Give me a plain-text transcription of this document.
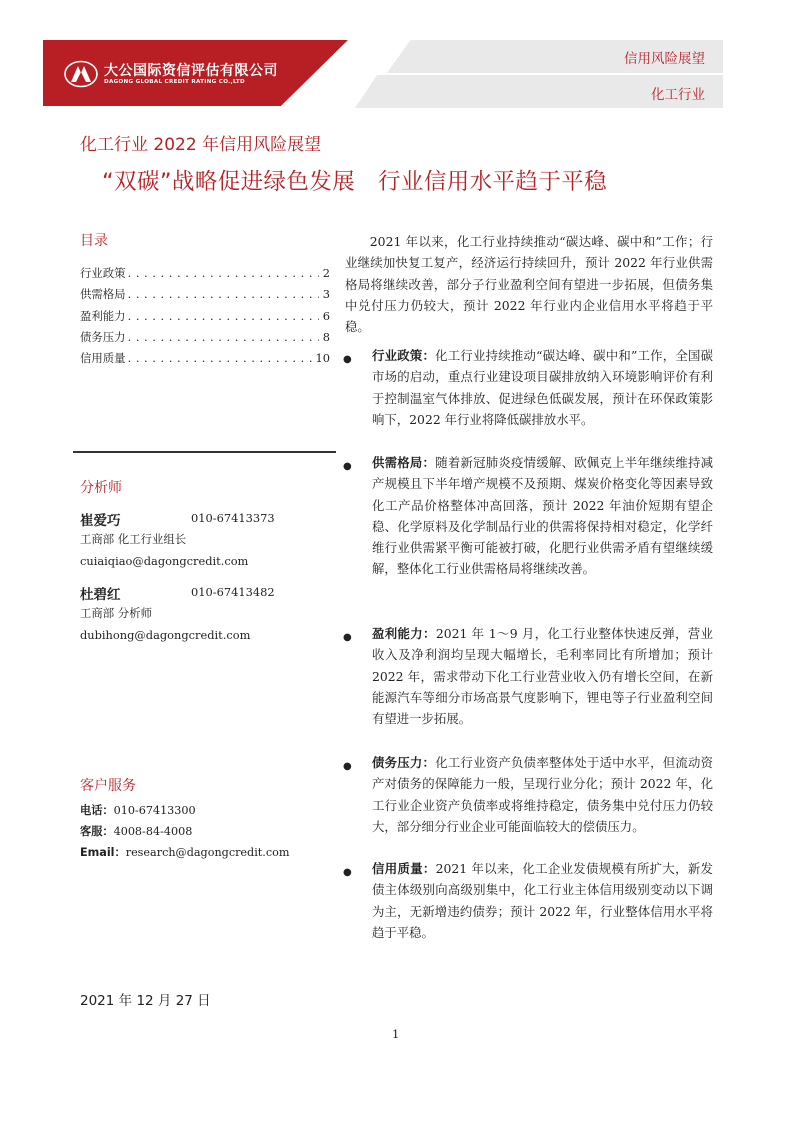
大公国际资信评估有限公司
DAGONG GLOBAL CREDIT RATING CO.,LTD
信用风险展望
化工行业
化工行业 2022 年信用风险展望
“双碳”战略促进绿色发展　行业信用水平趋于平稳
目录
行业政策 . . .	2
供需格局 . . .	3
盈利能力 . . .	6
债务压力 . . .	8
信用质量 . . .	10
分析师
崔爱巧	010-67413373
工商部 化工行业组长
cuiaiqiao@dagongcredit.com
杜碧红	010-67413482
工商部 分析师
dubihong@dagongcredit.com
客户服务
电话：010-67413300
客服：4008-84-4008
Email：research@dagongcredit.com
2021 年 12 月 27 日
2021 年以来，化工行业持续推动“碳达峰、碳中和”工作；行业继续加快复工复产，经济运行持续回升，预计 2022 年行业供需格局将继续改善，部分子行业盈利空间有望进一步拓展，但债务集中兑付压力仍较大，预计 2022 年行业内企业信用水平将趋于平稳。
● 行业政策：化工行业持续推动“碳达峰、碳中和”工作，全国碳市场的启动，重点行业建设项目碳排放纳入环境影响评价有利于控制温室气体排放、促进绿色低碳发展，预计在环保政策影响下，2022 年行业将降低碳排放水平。
● 供需格局：随着新冠肺炎疫情缓解、欧佩克上半年继续维持减产规模且下半年增产规模不及预期、煤炭价格变化等因素导致化工产品价格整体冲高回落，预计 2022 年油价短期有望企稳、化学原料及化学制品行业的供需将保持相对稳定，化学纤维行业供需紧平衡可能被打破，化肥行业供需矛盾有望继续缓解，整体化工行业供需格局将继续改善。
● 盈利能力：2021 年 1～9 月，化工行业整体快速反弹，营业收入及净利润均呈现大幅增长，毛利率同比有所增加；预计 2022 年，需求带动下化工行业营业收入仍有增长空间，在新能源汽车等细分市场高景气度影响下，锂电等子行业盈利空间有望进一步拓展。
● 债务压力：化工行业资产负债率整体处于适中水平，但流动资产对债务的保障能力一般，呈现行业分化；预计 2022 年，化工行业企业资产负债率或将维持稳定，债务集中兑付压力仍较大，部分细分行业企业可能面临较大的偿债压力。
● 信用质量：2021 年以来，化工企业发债规模有所扩大，新发债主体级别向高级别集中，化工行业主体信用级别变动以下调为主，无新增违约债券；预计 2022 年，行业整体信用水平将趋于平稳。
1
